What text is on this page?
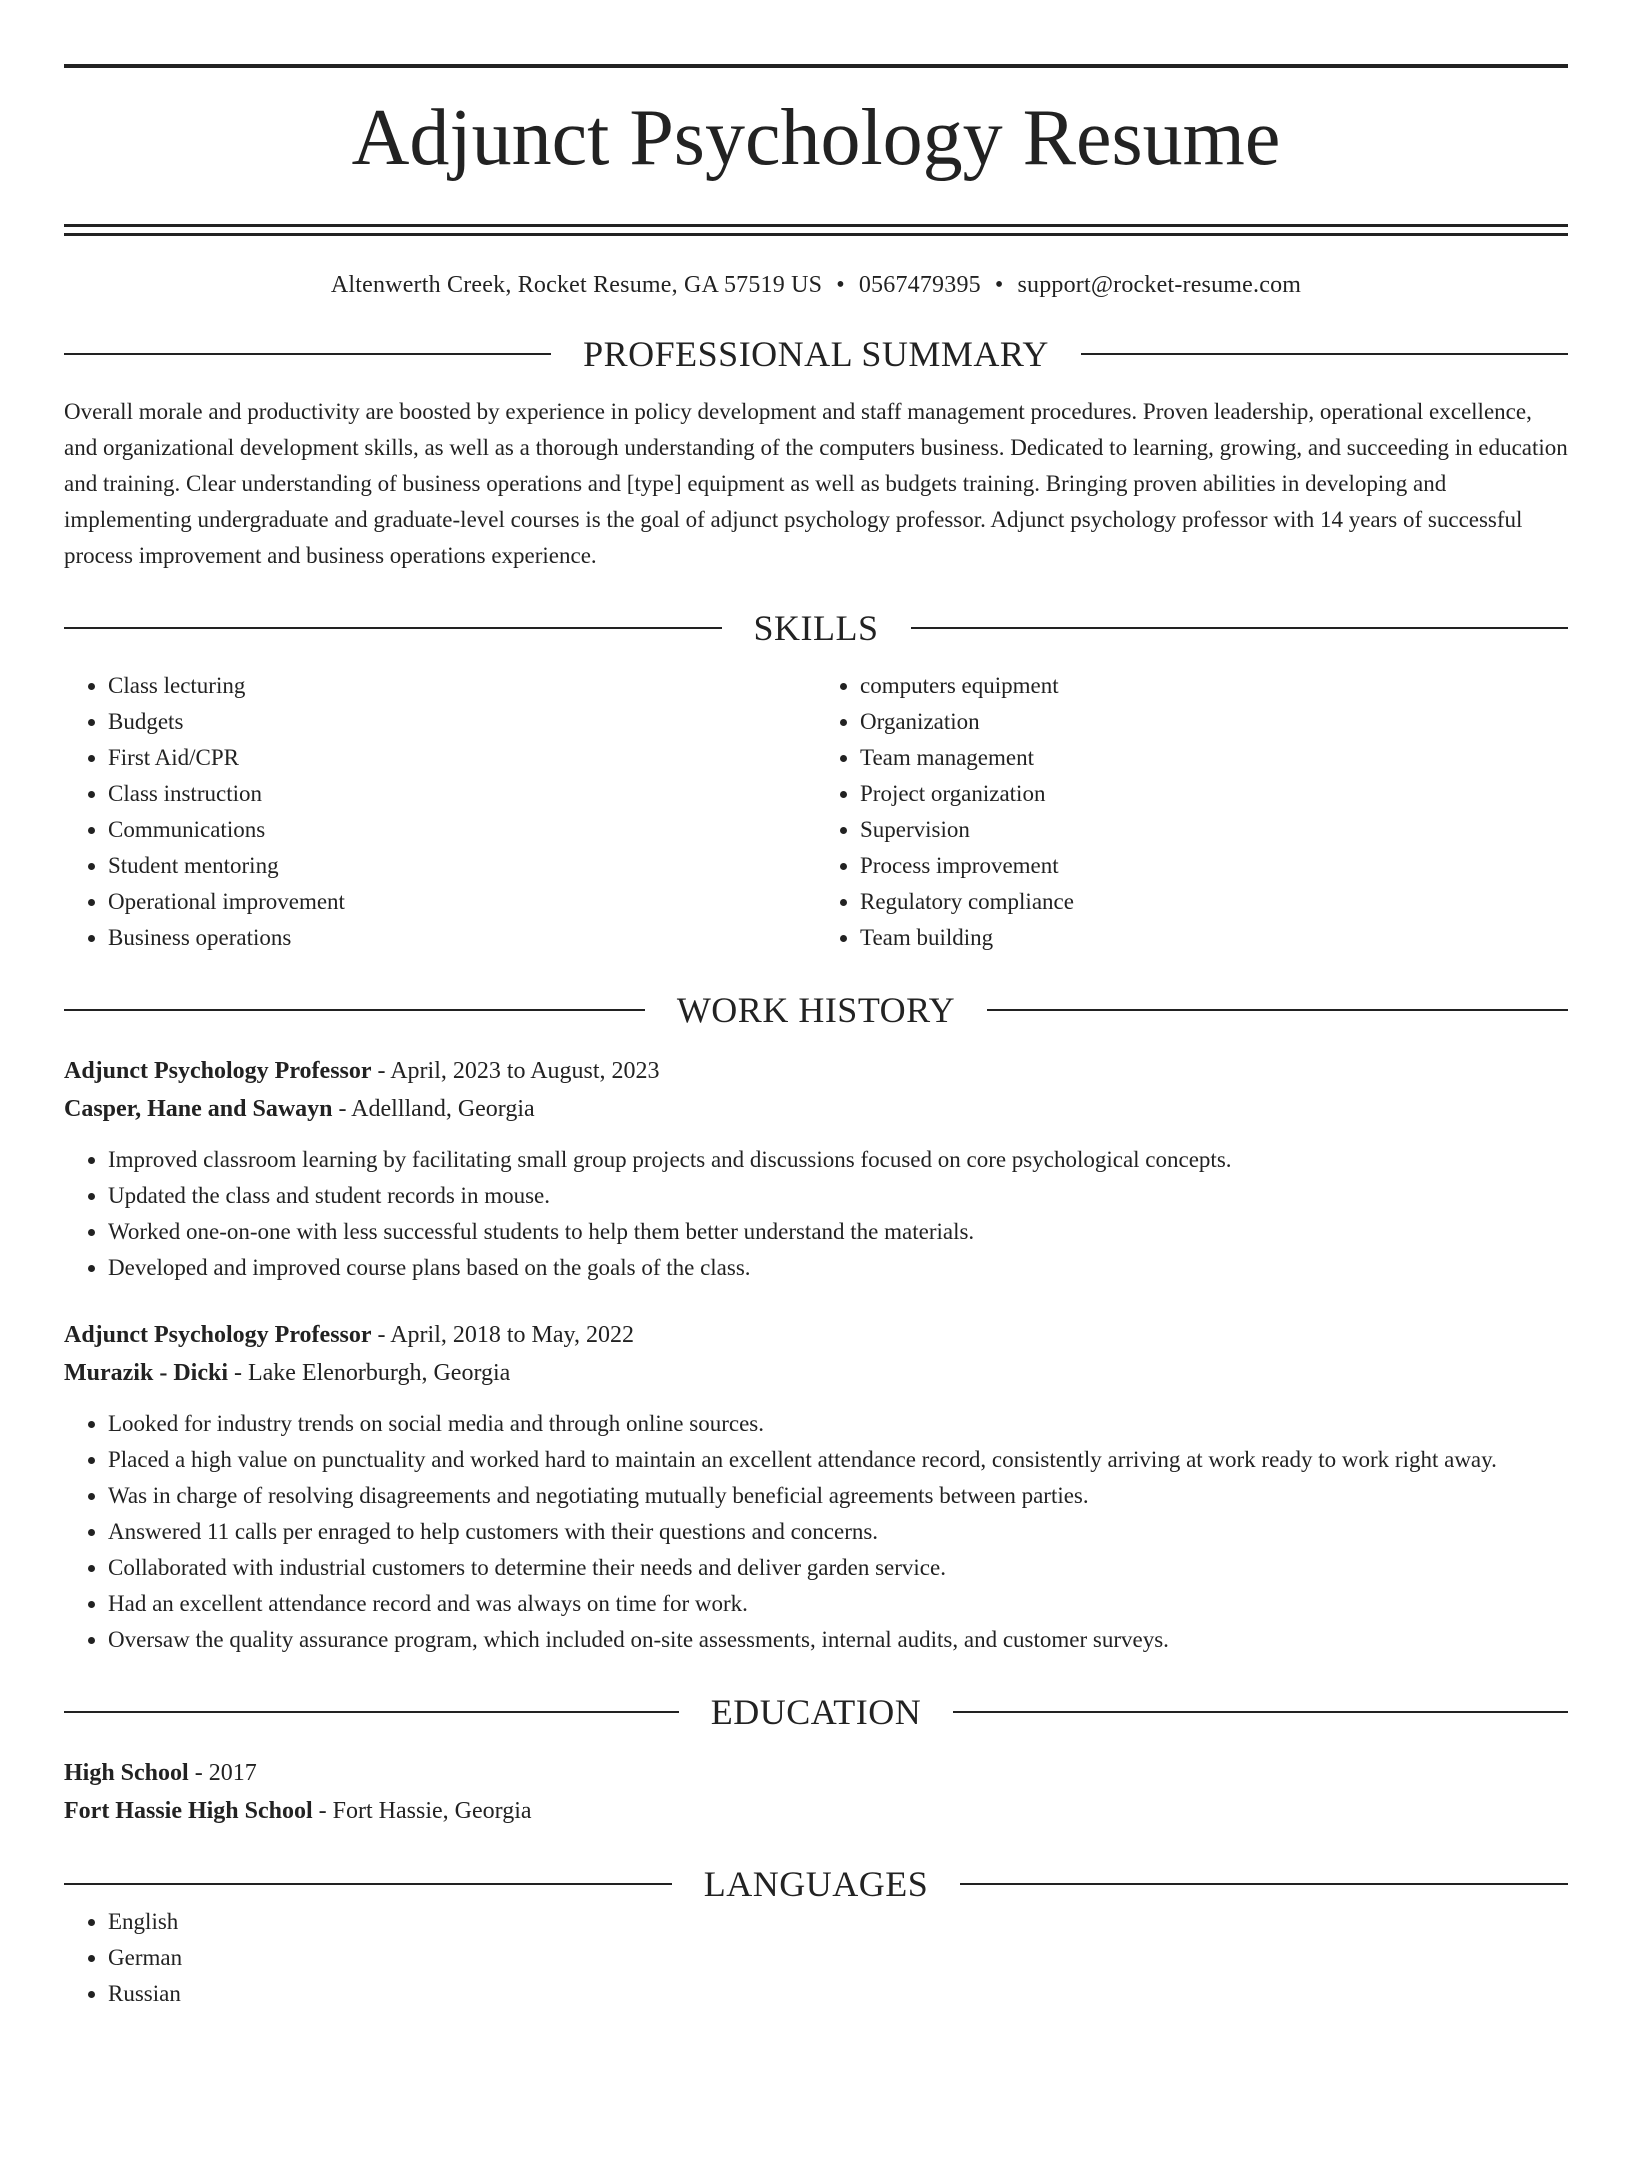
Adjunct Psychology Resume
Altenwerth Creek, Rocket Resume, GA 57519 US • 0567479395 • support@rocket-resume.com
PROFESSIONAL SUMMARY
Overall morale and productivity are boosted by experience in policy development and staff management procedures. Proven leadership, operational excellence, and organizational development skills, as well as a thorough understanding of the computers business. Dedicated to learning, growing, and succeeding in education and training. Clear understanding of business operations and [type] equipment as well as budgets training. Bringing proven abilities in developing and implementing undergraduate and graduate-level courses is the goal of adjunct psychology professor. Adjunct psychology professor with 14 years of successful process improvement and business operations experience.
SKILLS
• Class lecturing
• Budgets
• First Aid/CPR
• Class instruction
• Communications
• Student mentoring
• Operational improvement
• Business operations
• computers equipment
• Organization
• Team management
• Project organization
• Supervision
• Process improvement
• Regulatory compliance
• Team building
WORK HISTORY
Adjunct Psychology Professor - April, 2023 to August, 2023
Casper, Hane and Sawayn - Adellland, Georgia
• Improved classroom learning by facilitating small group projects and discussions focused on core psychological concepts.
• Updated the class and student records in mouse.
• Worked one-on-one with less successful students to help them better understand the materials.
• Developed and improved course plans based on the goals of the class.
Adjunct Psychology Professor - April, 2018 to May, 2022
Murazik - Dicki - Lake Elenorburgh, Georgia
• Looked for industry trends on social media and through online sources.
• Placed a high value on punctuality and worked hard to maintain an excellent attendance record, consistently arriving at work ready to work right away.
• Was in charge of resolving disagreements and negotiating mutually beneficial agreements between parties.
• Answered 11 calls per enraged to help customers with their questions and concerns.
• Collaborated with industrial customers to determine their needs and deliver garden service.
• Had an excellent attendance record and was always on time for work.
• Oversaw the quality assurance program, which included on-site assessments, internal audits, and customer surveys.
EDUCATION
High School - 2017
Fort Hassie High School - Fort Hassie, Georgia
LANGUAGES
• English
• German
• Russian
